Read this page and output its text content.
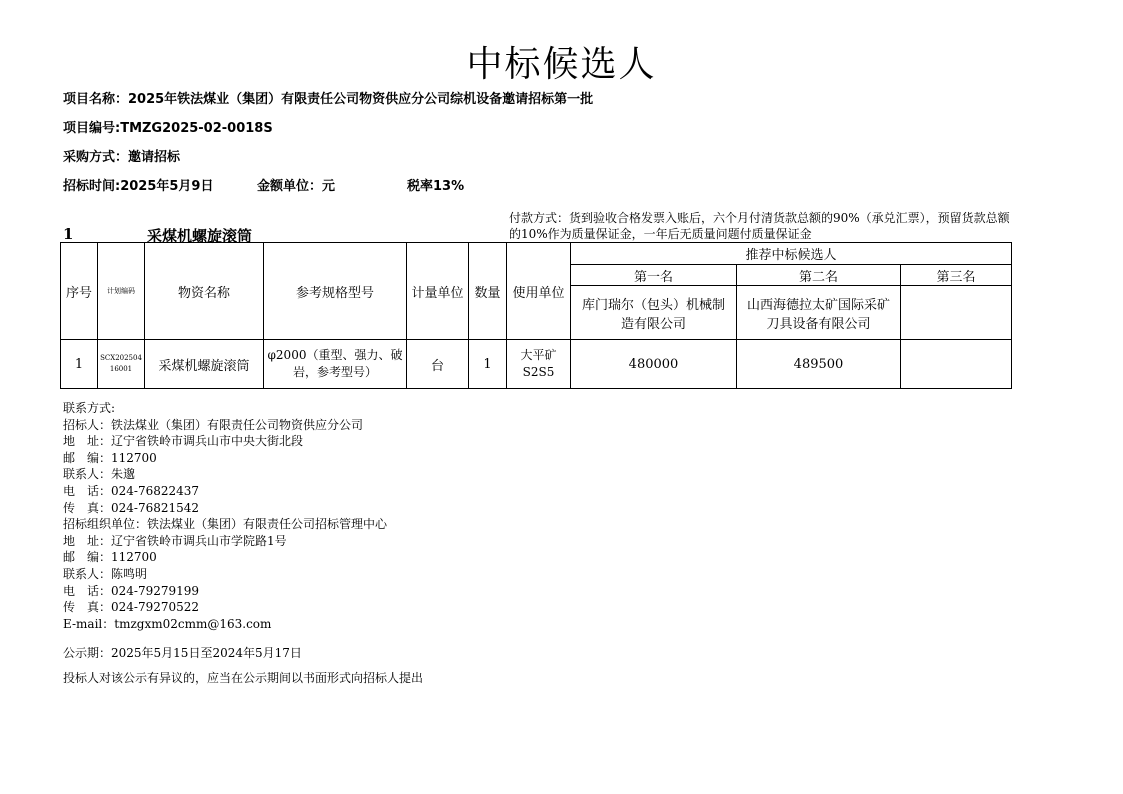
中标候选人
项目名称：2025年铁法煤业（集团）有限责任公司物资供应分公司综机设备邀请招标第一批
项目编号:TMZG2025-02-0018S
采购方式：邀请招标
招标时间:2025年5月9日	金额单位：元	税率13%
1	采煤机螺旋滚筒
付款方式：货到验收合格发票入账后，六个月付清货款总额的90%（承兑汇票），预留货款总额的10%作为质量保证金，一年后无质量问题付质量保证金
序号	计划编码	物资名称	参考规格型号	计量单位	数量	使用单位	推荐中标候选人		
							第一名	第二名	第三名
							库门瑞尔（包头）机械制造有限公司	山西海德拉太矿国际采矿刀具设备有限公司	
1	SCX20250416001	采煤机螺旋滚筒	φ2000（重型、强力、破岩，参考型号）	台	1	大平矿S2S5	480000	489500	
联系方式:
招标人：铁法煤业（集团）有限责任公司物资供应分公司
地　址：辽宁省铁岭市调兵山市中央大街北段
邮　编：112700
联系人：朱邈
电　话：024-76822437
传　真：024-76821542
招标组织单位：铁法煤业（集团）有限责任公司招标管理中心
地　址：辽宁省铁岭市调兵山市学院路1号
邮　编：112700
联系人：陈鸣明
电　话：024-79279199
传　真：024-79270522
E-mail：tmzgxm02cmm@163.com
公示期：2025年5月15日至2024年5月17日
投标人对该公示有异议的，应当在公示期间以书面形式向招标人提出
